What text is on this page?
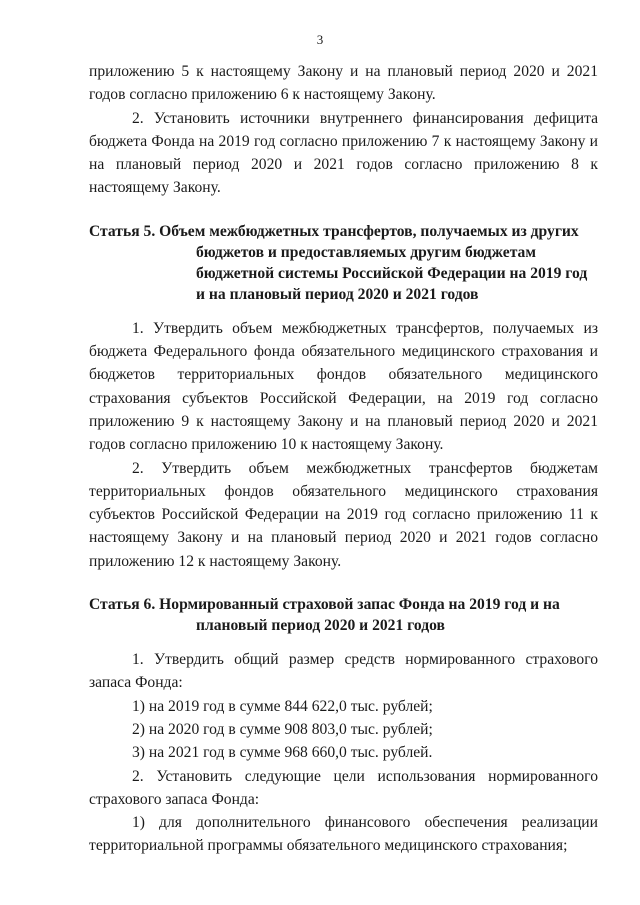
3

приложению 5 к настоящему Закону и на плановый период 2020 и 2021 годов согласно приложению 6 к настоящему Закону.

2. Установить источники внутреннего финансирования дефицита бюджета Фонда на 2019 год согласно приложению 7 к настоящему Закону и на плановый период 2020 и 2021 годов согласно приложению 8 к настоящему Закону.

Статья 5. Объем межбюджетных трансфертов, получаемых из других бюджетов и предоставляемых другим бюджетам бюджетной системы Российской Федерации на 2019 год и на плановый период 2020 и 2021 годов

1. Утвердить объем межбюджетных трансфертов, получаемых из бюджета Федерального фонда обязательного медицинского страхования и бюджетов территориальных фондов обязательного медицинского страхования субъектов Российской Федерации, на 2019 год согласно приложению 9 к настоящему Закону и на плановый период 2020 и 2021 годов согласно приложению 10 к настоящему Закону.

2. Утвердить объем межбюджетных трансфертов бюджетам территориальных фондов обязательного медицинского страхования субъектов Российской Федерации на 2019 год согласно приложению 11 к настоящему Закону и на плановый период 2020 и 2021 годов согласно приложению 12 к настоящему Закону.

Статья 6. Нормированный страховой запас Фонда на 2019 год и на плановый период 2020 и 2021 годов

1. Утвердить общий размер средств нормированного страхового запаса Фонда:

1) на 2019 год в сумме 844 622,0 тыс. рублей;

2) на 2020 год в сумме 908 803,0 тыс. рублей;

3) на 2021 год в сумме 968 660,0 тыс. рублей.

2. Установить следующие цели использования нормированного страхового запаса Фонда:

1) для дополнительного финансового обеспечения реализации территориальной программы обязательного медицинского страхования;
